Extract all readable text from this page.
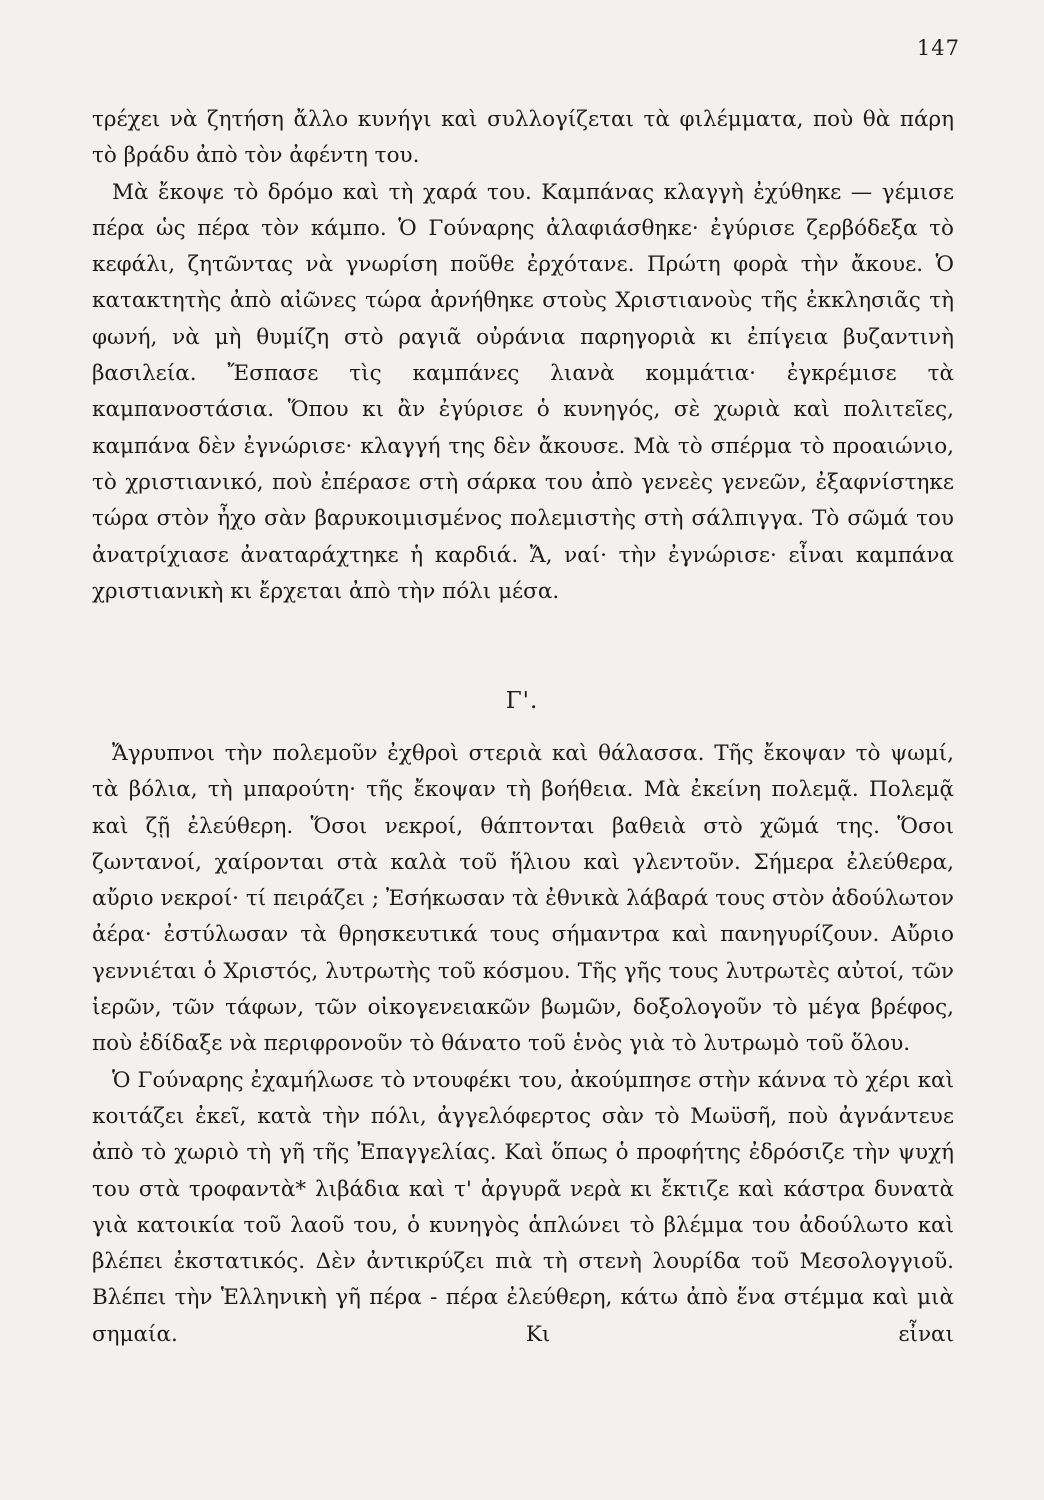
147

τρέχει νὰ ζητήση ἄλλο κυνήγι καὶ συλλογίζεται τὰ φιλέμματα, ποὺ θὰ πάρη τὸ βράδυ ἀπὸ τὸν ἀφέντη του.

Μὰ ἔκοψε τὸ δρόμο καὶ τὴ χαρά του. Καμπάνας κλαγγὴ ἐχύθηκε — γέμισε πέρα ὡς πέρα τὸν κάμπο. Ὁ Γούναρης ἀλαφιάσθηκε· ἐγύρισε ζερβόδεξα τὸ κεφάλι, ζητῶντας νὰ γνωρίση ποῦθε ἐρχότανε. Πρώτη φορὰ τὴν ἄκουε. Ὁ κατακτητὴς ἀπὸ αἰῶνες τώρα ἀρνήθηκε στοὺς Χριστιανοὺς τῆς ἐκκλησιᾶς τὴ φωνή, νὰ μὴ θυμίζη στὸ ραγιᾶ οὐράνια παρηγοριὰ κι ἐπίγεια βυζαντινὴ βασιλεία. Ἔσπασε τὶς καμπάνες λιανὰ κομμάτια· ἐγκρέμισε τὰ καμπανοστάσια. Ὅπου κι ἂν ἐγύρισε ὁ κυνηγός, σὲ χωριὰ καὶ πολιτεῖες, καμπάνα δὲν ἐγνώρισε· κλαγγή της δὲν ἄκουσε. Μὰ τὸ σπέρμα τὸ προαιώνιο, τὸ χριστιανικό, ποὺ ἐπέρασε στὴ σάρκα του ἀπὸ γενεὲς γενεῶν, ἐξαφνίστηκε τώρα στὸν ἦχο σὰν βαρυκοιμισμένος πολεμιστὴς στὴ σάλπιγγα. Τὸ σῶμά του ἀνατρίχιασε ἀναταράχτηκε ἡ καρδιά. Ἄ, ναί· τὴν ἐγνώρισε· εἶναι καμπάνα χριστιανικὴ κι ἔρχεται ἀπὸ τὴν πόλι μέσα.

Γ'.

Ἄγρυπνοι τὴν πολεμοῦν ἐχθροὶ στεριὰ καὶ θάλασσα. Τῆς ἔκοψαν τὸ ψωμί, τὰ βόλια, τὴ μπαρούτη· τῆς ἔκοψαν τὴ βοήθεια. Μὰ ἐκείνη πολεμᾷ. Πολεμᾷ καὶ ζῇ ἐλεύθερη. Ὅσοι νεκροί, θάπτονται βαθειὰ στὸ χῶμά της. Ὅσοι ζωντανοί, χαίρονται στὰ καλὰ τοῦ ἥλιου καὶ γλεντοῦν. Σήμερα ἐλεύθερα, αὔριο νεκροί· τί πειράζει ; Ἐσήκωσαν τὰ ἐθνικὰ λάβαρά τους στὸν ἀδούλωτον ἀέρα· ἐστύλωσαν τὰ θρησκευτικά τους σήμαντρα καὶ πανηγυρίζουν. Αὔριο γεννιέται ὁ Χριστός, λυτρωτὴς τοῦ κόσμου. Τῆς γῆς τους λυτρωτὲς αὐτοί, τῶν ἱερῶν, τῶν τάφων, τῶν οἰκογενειακῶν βωμῶν, δοξολογοῦν τὸ μέγα βρέφος, ποὺ ἐδίδαξε νὰ περιφρονοῦν τὸ θάνατο τοῦ ἑνὸς γιὰ τὸ λυτρωμὸ τοῦ ὅλου.

Ὁ Γούναρης ἐχαμήλωσε τὸ ντουφέκι του, ἀκούμπησε στὴν κάννα τὸ χέρι καὶ κοιτάζει ἐκεῖ, κατὰ τὴν πόλι, ἀγγελόφερτος σὰν τὸ Μωϋσῆ, ποὺ ἀγνάντευε ἀπὸ τὸ χωριὸ τὴ γῆ τῆς Ἐπαγγελίας. Καὶ ὅπως ὁ προφήτης ἐδρόσιζε τὴν ψυχή του στὰ τροφαντὰ* λιβάδια καὶ τ' ἀργυρᾶ νερὰ κι ἔκτιζε καὶ κάστρα δυνατὰ γιὰ κατοικία τοῦ λαοῦ του, ὁ κυνηγὸς ἁπλώνει τὸ βλέμμα του ἀδούλωτο καὶ βλέπει ἐκστατικός. Δὲν ἀντικρύζει πιὰ τὴ στενὴ λουρίδα τοῦ Μεσολογγιοῦ. Βλέπει τὴν Ἑλληνικὴ γῆ πέρα - πέρα ἐλεύθερη, κάτω ἀπὸ ἕνα στέμμα καὶ μιὰ σημαία. Κι εἶναι
